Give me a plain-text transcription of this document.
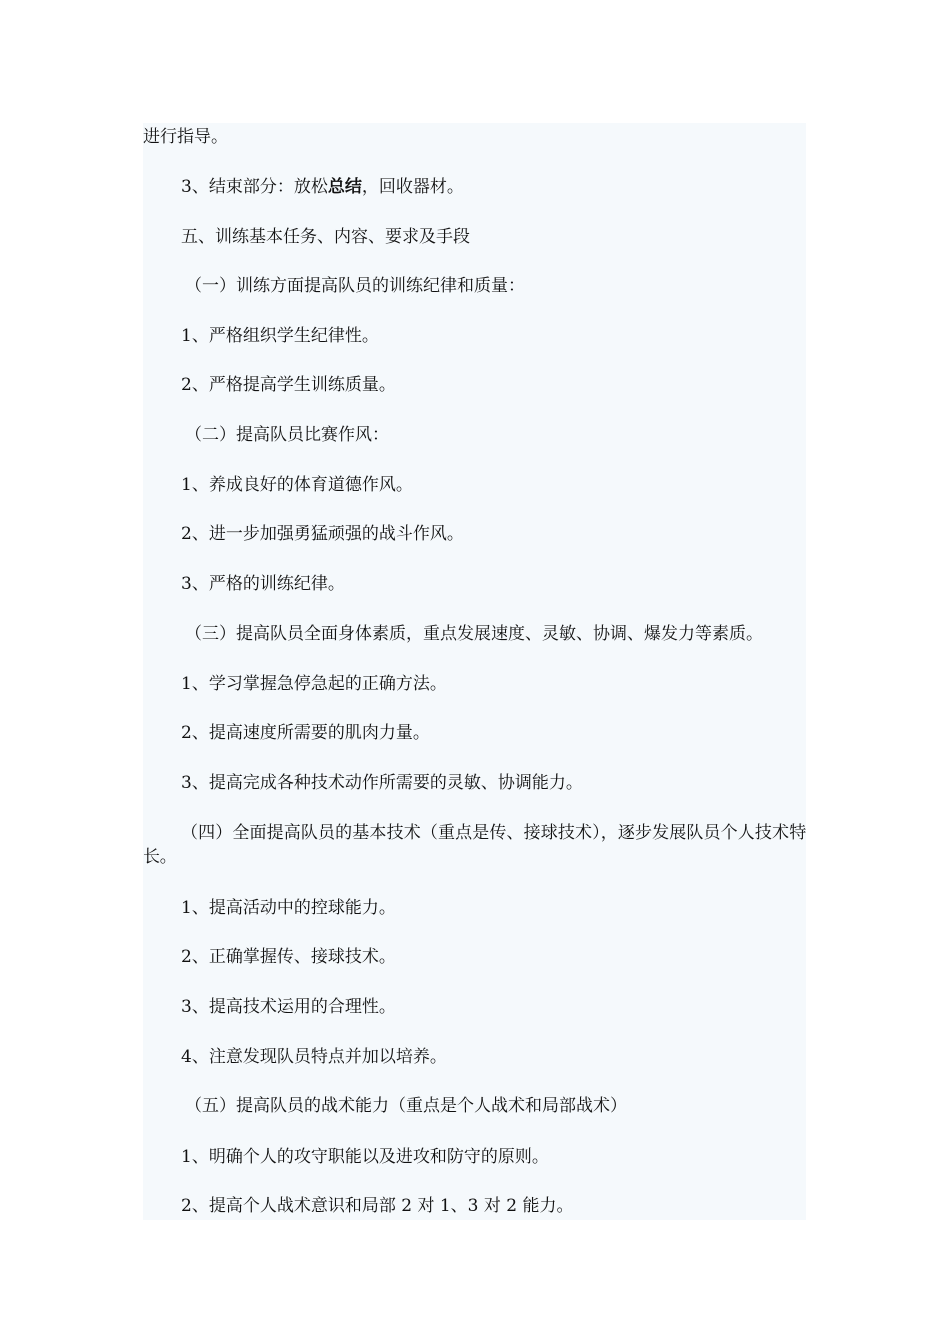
进行指导。
3、结束部分：放松总结，回收器材。
五、训练基本任务、内容、要求及手段
（一）训练方面提高队员的训练纪律和质量：
1、严格组织学生纪律性。
2、严格提高学生训练质量。
（二）提高队员比赛作风：
1、养成良好的体育道德作风。
2、进一步加强勇猛顽强的战斗作风。
3、严格的训练纪律。
（三）提高队员全面身体素质，重点发展速度、灵敏、协调、爆发力等素质。
1、学习掌握急停急起的正确方法。
2、提高速度所需要的肌肉力量。
3、提高完成各种技术动作所需要的灵敏、协调能力。
（四）全面提高队员的基本技术（重点是传、接球技术），逐步发展队员个人技术特长。
1、提高活动中的控球能力。
2、正确掌握传、接球技术。
3、提高技术运用的合理性。
4、注意发现队员特点并加以培养。
（五）提高队员的战术能力（重点是个人战术和局部战术）
1、明确个人的攻守职能以及进攻和防守的原则。
2、提高个人战术意识和局部 2 对 1、3 对 2 能力。
